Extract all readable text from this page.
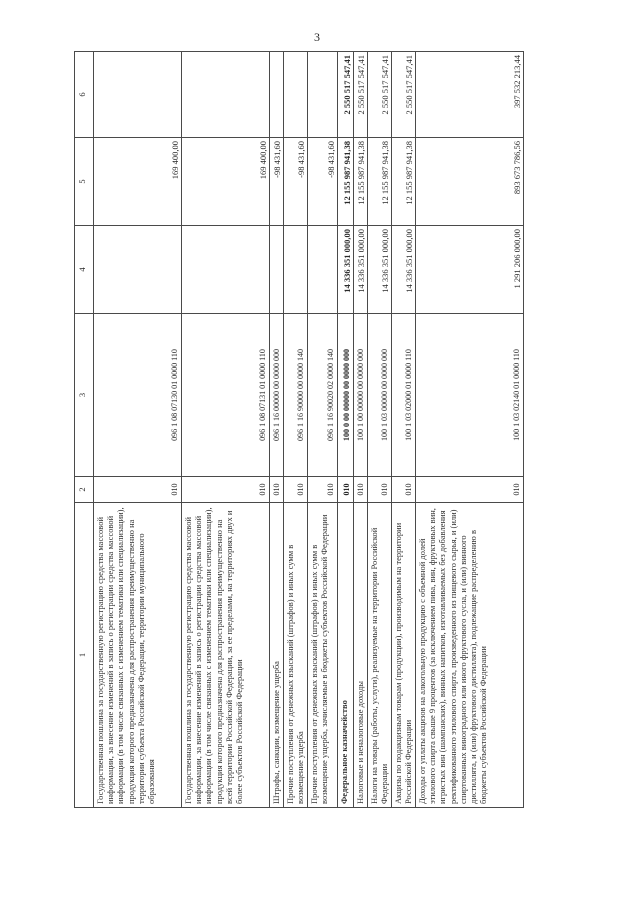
3
1	2	3	4	5	6
Государственная пошлина за государственную регистрацию средства массовой информации, за внесение изменений в запись о регистрации средства массовой информации (в том числе связанных с изменением тематики или специализации), продукция которого предназначена для распространения преимущественно на территории субъекта Российской Федерации, территории муниципального образования	010	096 1 08 07130 01 0000 110		169 400,00	
Государственная пошлина за государственную регистрацию средства массовой информации, за внесение изменений в запись о регистрации средства массовой информации (в том числе связанных с изменением тематики или специализации), продукция которого предназначена для распространения преимущественно на всей территории Российской Федерации, за ее пределами, на территориях двух и более субъектов Российской Федерации	010	096 1 08 07131 01 0000 110		169 400,00	
Штрафы, санкции, возмещение ущерба	010	096 1 16 00000 00 0000 000		-98 431,60	
Прочие поступления от денежных взысканий (штрафов) и иных сумм в возмещение ущерба	010	096 1 16 90000 00 0000 140		-98 431,60	
Прочие поступления от денежных взысканий (штрафов) и иных сумм в возмещение ущерба, зачисляемые в бюджеты субъектов Российской Федерации	010	096 1 16 90020 02 0000 140		-98 431,60	
Федеральное казначейство	010	100 0 00 00000 00 0000 000	14 336 351 000,00	12 155 987 941,38	2 550 517 547,41
Налоговые и неналоговые доходы	010	100 1 00 00000 00 0000 000	14 336 351 000,00	12 155 987 941,38	2 550 517 547,41
Налоги на товары (работы, услуги), реализуемые на территории Российской Федерации	010	100 1 03 00000 00 0000 000	14 336 351 000,00	12 155 987 941,38	2 550 517 547,41
Акцизы по подакцизным товарам (продукции), производимым на территории Российской Федерации	010	100 1 03 02000 01 0000 110	14 336 351 000,00	12 155 987 941,38	2 550 517 547,41
Доходы от уплаты акцизов на алкогольную продукцию с объемной долей этилового спирта свыше 9 процентов (за исключением пива, вин, фруктовых вин, игристых вин (шампанских), винных напитков, изготавливаемых без добавления ректификованного этилового спирта, произведенного из пищевого сырья, и (или) спиртованных виноградного или иного фруктового сусла, и (или) винного дистиллята, и (или) фруктового дистиллята), подлежащие распределению в бюджеты субъектов Российской Федерации	010	100 1 03 02140 01 0000 110	1 291 206 000,00	893 673 786,56	397 532 213,44
